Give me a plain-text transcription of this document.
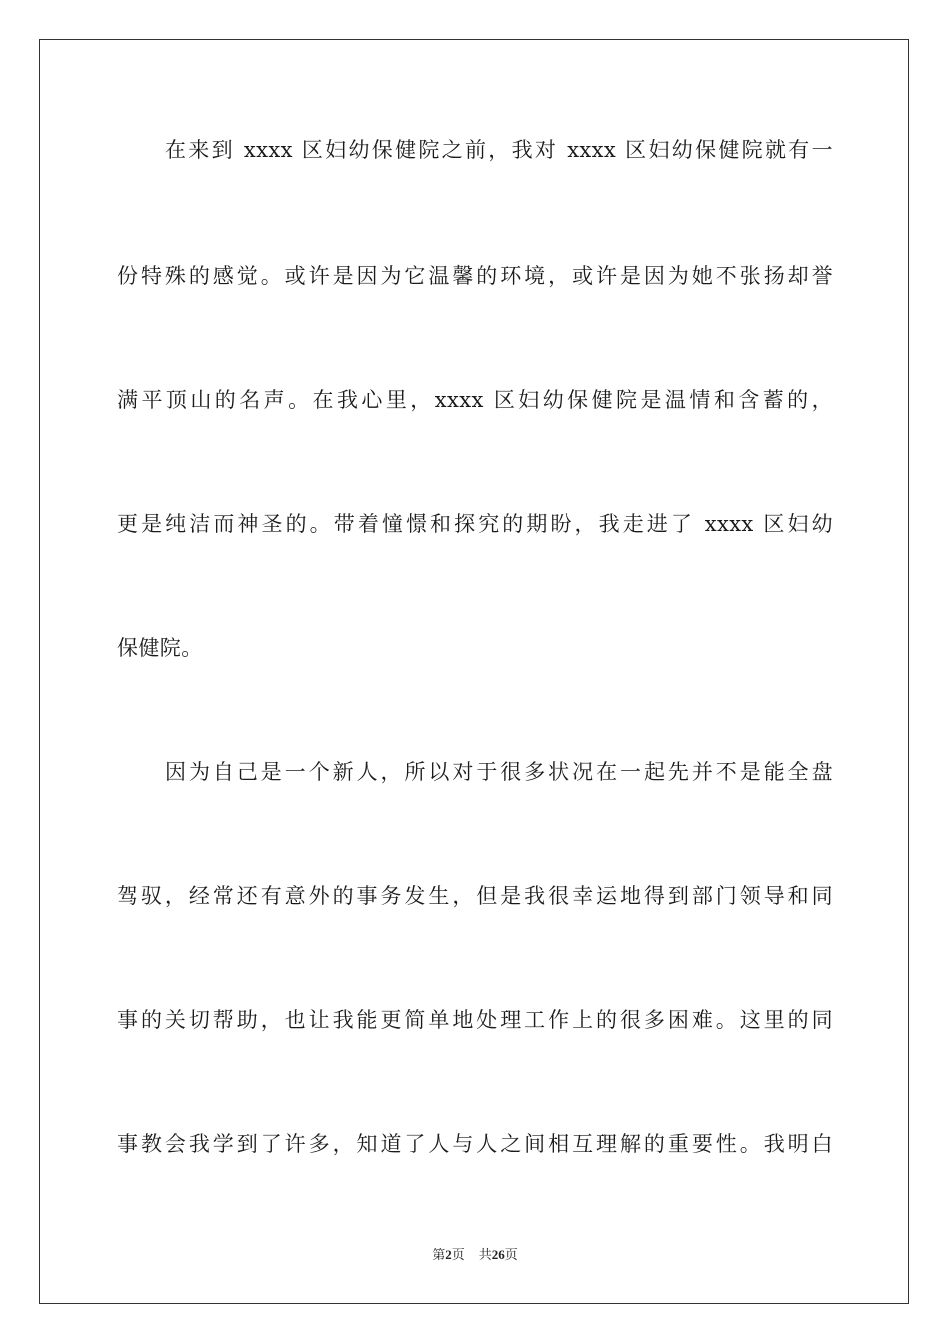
在来到 xxxx 区妇幼保健院之前，我对 xxxx 区妇幼保健院就有一
份特殊的感觉。或许是因为它温馨的环境，或许是因为她不张扬却誉
满平顶山的名声。在我心里，xxxx 区妇幼保健院是温情和含蓄的，
更是纯洁而神圣的。带着憧憬和探究的期盼，我走进了 xxxx 区妇幼
保健院。
因为自己是一个新人，所以对于很多状况在一起先并不是能全盘
驾驭，经常还有意外的事务发生，但是我很幸运地得到部门领导和同
事的关切帮助，也让我能更简单地处理工作上的很多困难。这里的同
事教会我学到了许多，知道了人与人之间相互理解的重要性。我明白
第2页 共26页
